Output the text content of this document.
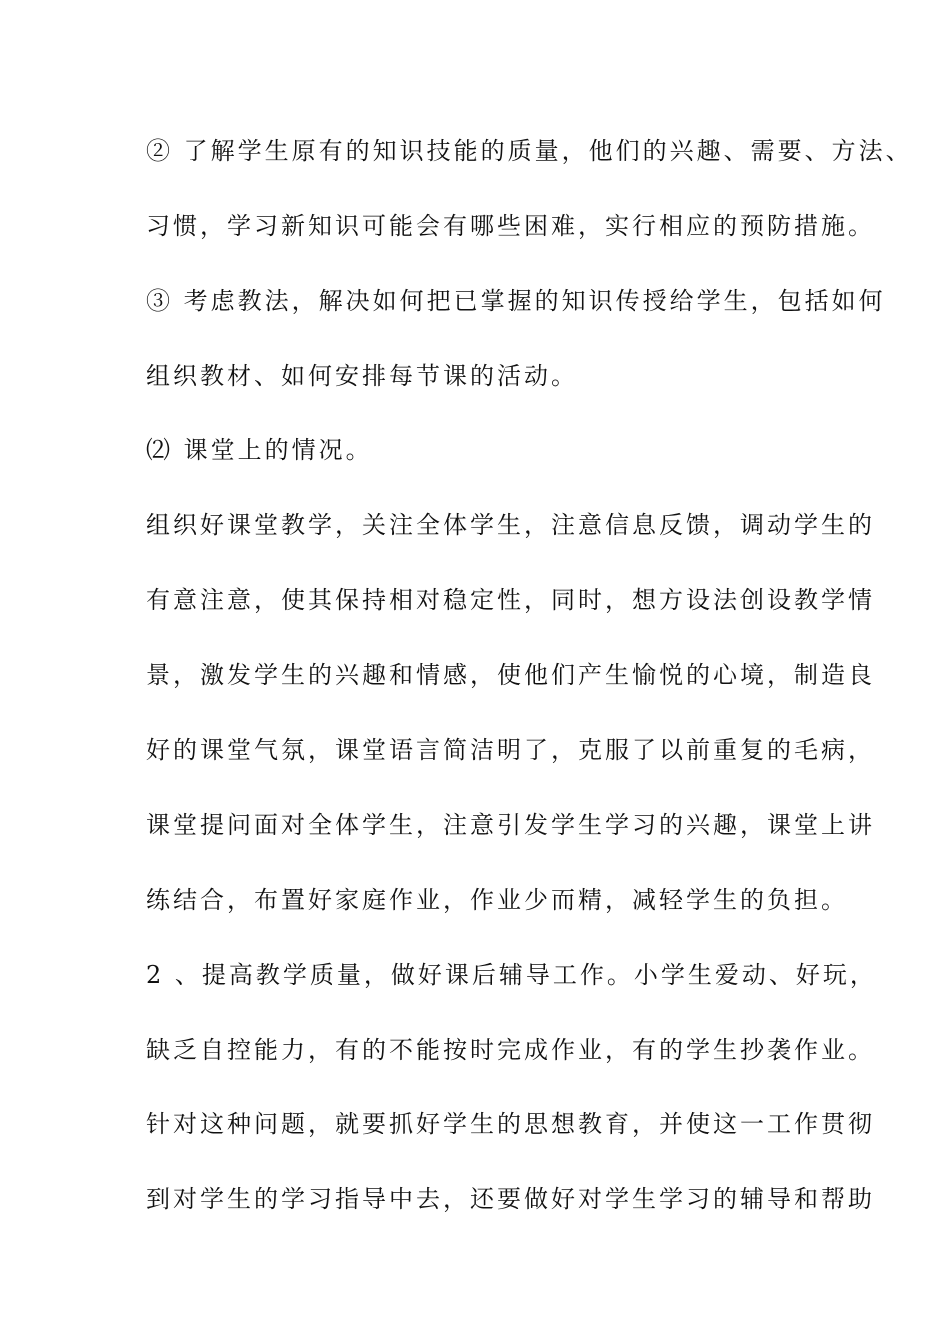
② 了解学生原有的知识技能的质量，他们的兴趣、需要、方法、
习惯，学习新知识可能会有哪些困难，实行相应的预防措施。
③ 考虑教法，解决如何把已掌握的知识传授给学生，包括如何
组织教材、如何安排每节课的活动。
⑵ 课堂上的情况。
组织好课堂教学，关注全体学生，注意信息反馈，调动学生的
有意注意，使其保持相对稳定性，同时，想方设法创设教学情
景，激发学生的兴趣和情感，使他们产生愉悦的心境，制造良
好的课堂气氛，课堂语言简洁明了，克服了以前重复的毛病，
课堂提问面对全体学生，注意引发学生学习的兴趣，课堂上讲
练结合，布置好家庭作业，作业少而精，减轻学生的负担。
2 、提高教学质量，做好课后辅导工作。小学生爱动、好玩，
缺乏自控能力，有的不能按时完成作业，有的学生抄袭作业。
针对这种问题，就要抓好学生的思想教育，并使这一工作贯彻
到对学生的学习指导中去，还要做好对学生学习的辅导和帮助
